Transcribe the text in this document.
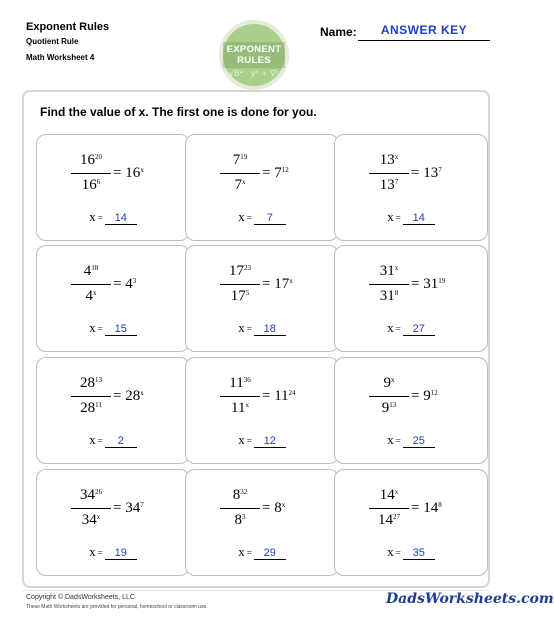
Exponent Rules
Quotient Rule
Math Worksheet 4
EXPONENT
RULES
√B⁴ · y⁶ ÷ ∇²
Name:	ANSWER KEY
Find the value of x. The first one is done for you.
$16^{20}$
$16^6$
= $16^x$
x = 14
$7^{19}$
$7^x$
= $7^{12}$
x = 7
13$^x$
$13^7$
= $13^7$
x = 14
$4^{18}$
$4^x$
= $4^3$
x = 15
$17^{23}$
$17^5$
= $17^x$
x = 18
31$^x$
$31^8$
= $31^{19}$
x = 27
$28^{13}$
$28^{11}$
= $28^x$
x = 2
$11^{36}$
$11^x$
= $11^{24}$
x = 12
9$^x$
$9^{13}$
= $9^{12}$
x = 25
$34^{26}$
$34^x$
= $34^7$
x = 19
$8^{32}$
$8^3$
= $8^x$
x = 29
14$^x$
$14^{27}$
= $14^8$
x = 35
Copyright © DadsWorksheets, LLC
These Math Worksheets are provided for personal, homeschool or classroom use.	DadsWorksheets.com
